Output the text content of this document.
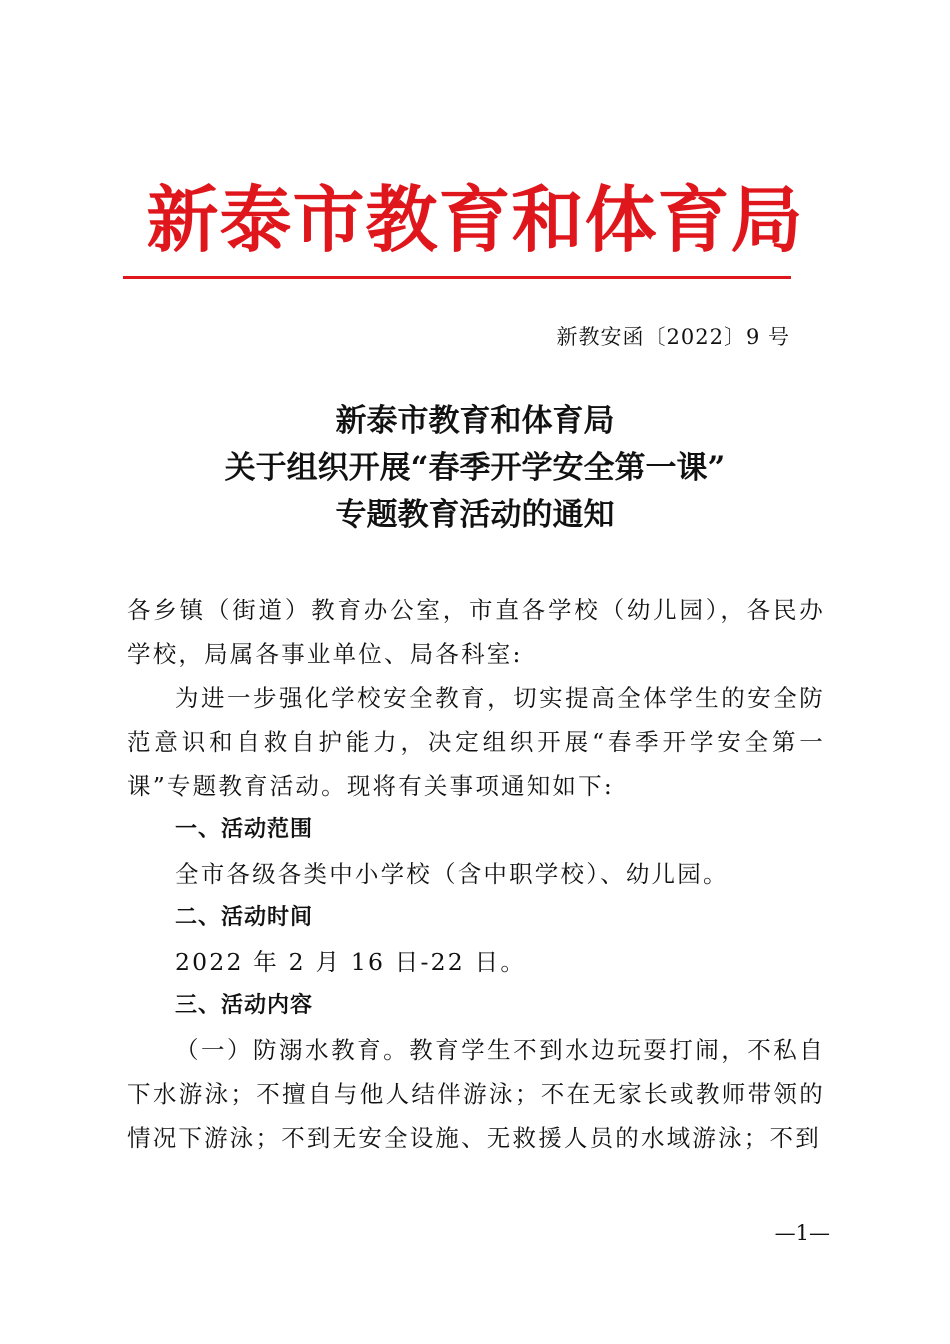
新泰市教育和体育局
新教安函〔2022〕9 号
新泰市教育和体育局
关于组织开展“春季开学安全第一课”
专题教育活动的通知

各乡镇（街道）教育办公室，市直各学校（幼儿园），各民办学校，局属各事业单位、局各科室:

为进一步强化学校安全教育，切实提高全体学生的安全防范意识和自救自护能力，决定组织开展“春季开学安全第一课”专题教育活动。现将有关事项通知如下:

一、活动范围

全市各级各类中小学校（含中职学校）、幼儿园。

二、活动时间

2022 年 2 月 16 日-22 日。

三、活动内容

（一）防溺水教育。教育学生不到水边玩耍打闹，不私自下水游泳；不擅自与他人结伴游泳；不在无家长或教师带领的情况下游泳；不到无安全设施、无救援人员的水域游泳；不到

—1—
